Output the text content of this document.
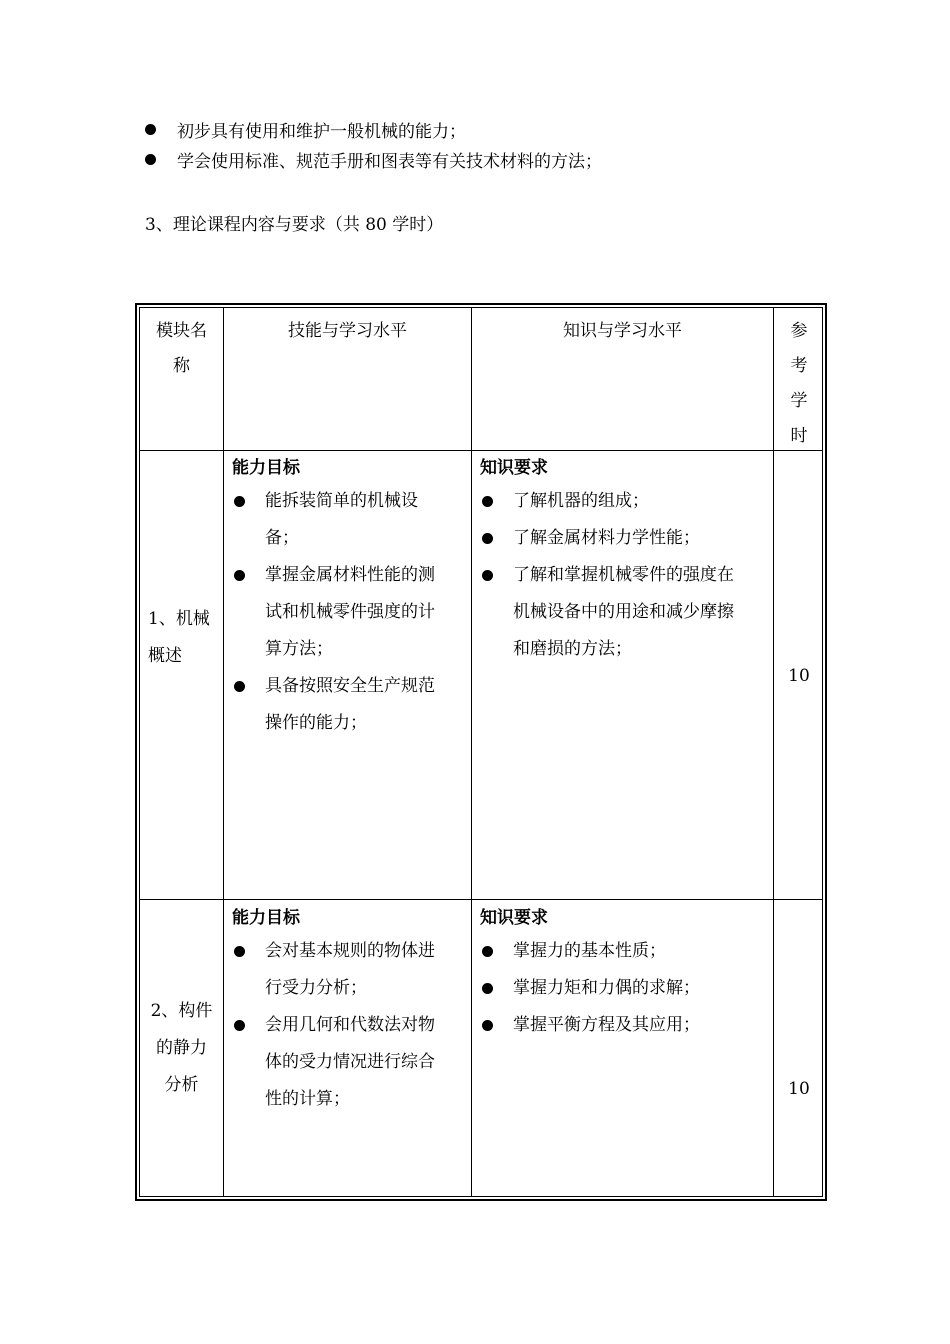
初步具有使用和维护一般机械的能力；
学会使用标准、规范手册和图表等有关技术材料的方法；
3、理论课程内容与要求（共 80 学时）
模块名
称
技能与学习水平	知识与学习水平	参
考
学
时
1、机械
概述
能力目标
能拆装简单的机械设
备；
掌握金属材料性能的测
试和机械零件强度的计
算方法；
具备按照安全生产规范
操作的能力；
知识要求
了解机器的组成；
了解金属材料力学性能；
了解和掌握机械零件的强度在
机械设备中的用途和减少摩擦
和磨损的方法；
10
2、构件
的静力
分析
能力目标
会对基本规则的物体进
行受力分析；
会用几何和代数法对物
体的受力情况进行综合
性的计算；
知识要求
掌握力的基本性质；
掌握力矩和力偶的求解；
掌握平衡方程及其应用；
10
